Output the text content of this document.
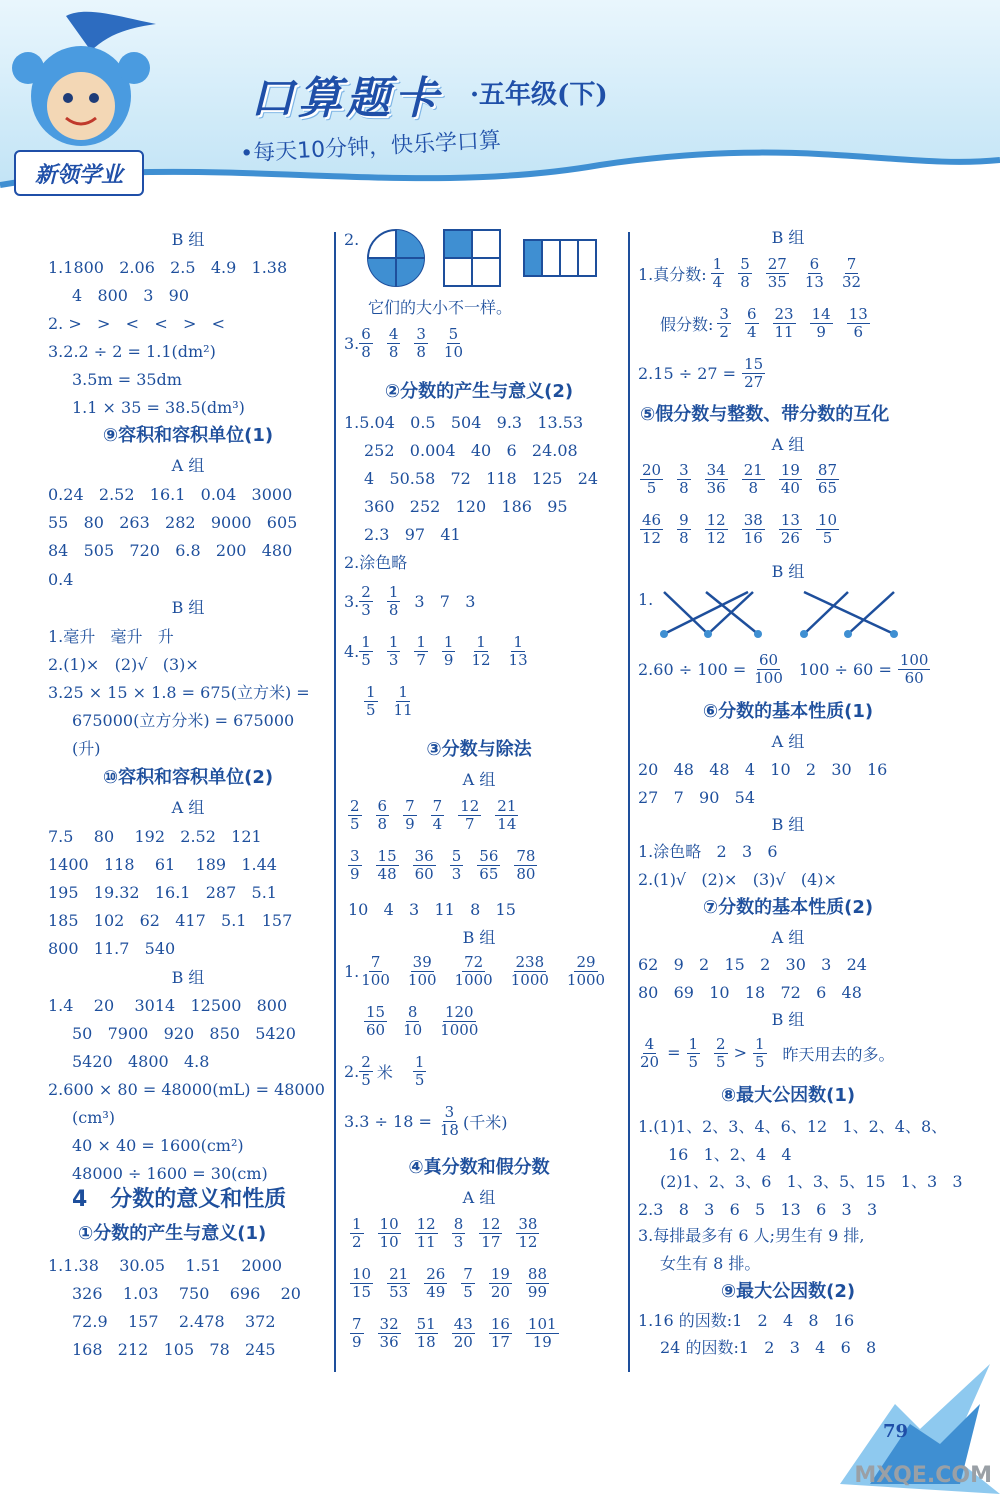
新领学业
口算题卡 ·五年级(下)
•每天10分钟，快乐学口算
B 组
1.1800   2.06   2.5   4.9   1.38
4   800   3   90
2. >   >   <   <   >   <
3.2.2 ÷ 2 = 1.1(dm²)
3.5m = 35dm
1.1 × 35 = 38.5(dm³)
⑨容积和容积单位(1)
A 组
0.24   2.52   16.1   0.04   3000
55   80   263   282   9000   605
84   505   720   6.8   200   480
0.4
B 组
1.毫升   毫升   升
2.(1)×   (2)√   (3)×
3.25 × 15 × 1.8 = 675(立方米) =
675000(立方分米) = 675000
(升)
⑩容积和容积单位(2)
A 组
7.5    80    192   2.52   121
1400   118    61    189   1.44
195   19.32   16.1   287   5.1
185   102   62   417   5.1   157
800   11.7   540
B 组
1.4    20    3014   12500   800
50   7900   920   850   5420
5420   4800   4.8
2.600 × 80 = 48000(mL) = 48000
(cm³)
40 × 40 = 1600(cm²)
48000 ÷ 1600 = 30(cm)
4   分数的意义和性质
①分数的产生与意义(1)
1.1.38    30.05    1.51    2000
326    1.03    750    696    20
72.9    157    2.478    372
168   212   105   78   245
2.
它们的大小不一样。
3. $\frac{6}{8} \frac{4}{8} \frac{3}{8} \frac{5}{10}$
②分数的产生与意义(2)
1.5.04   0.5   504   9.3   13.53
252   0.004   40   6   24.08
4   50.58   72   118   125   24
360   252   120   186   95
2.3   97   41
2.涂色略
3. $\frac{2}{3} \frac{1}{8} 3$   7   3
4. $\frac{1}{5} \frac{1}{3} \frac{1}{7} \frac{1}{9} \frac{1}{12} \frac{1}{13}$
$\frac{1}{5} \frac{1}{11}$
③分数与除法
A 组
$\frac{2}{5} \frac{6}{8} \frac{7}{9} \frac{7}{4} \frac{12}{7} \frac{21}{14}$
$\frac{3}{9} \frac{15}{48} \frac{36}{60} \frac{5}{3} \frac{56}{65} \frac{78}{80}$
10   4   3   11   8   15
B 组
1. $\frac{7}{100} \frac{39}{100} \frac{72}{1000} \frac{238}{1000} \frac{29}{1000}$
$\frac{15}{60} \frac{8}{10} \frac{120}{1000}$
2. $\frac{2}{5}$ 米 $\frac{1}{5}$
$3.3 \div 18 = \frac{3}{18}$ (千米)
④真分数和假分数
A 组
$\frac{1}{2} \frac{10}{10} \frac{12}{11} \frac{8}{3} \frac{12}{17} \frac{38}{12}$
$\frac{10}{15} \frac{21}{53} \frac{26}{49} \frac{7}{5} \frac{19}{20} \frac{88}{99}$
$\frac{7}{9} \frac{32}{36} \frac{51}{18} \frac{43}{20} \frac{16}{17} \frac{101}{19}$
B 组
1.真分数: $\frac{1}{4} \frac{5}{8} \frac{27}{35} \frac{6}{13} \frac{7}{32}$
假分数: $\frac{3}{2} \frac{6}{4} \frac{23}{11} \frac{14}{9} \frac{13}{6}$
$2.15 \div 27 = \frac{15}{27}$
⑤假分数与整数、带分数的互化
A 组
$\frac{20}{5} \frac{3}{8} \frac{34}{36} \frac{21}{8} \frac{19}{40} \frac{87}{65}$
$\frac{46}{12} \frac{9}{8} \frac{12}{12} \frac{38}{16} \frac{13}{26} \frac{10}{5}$
B 组
1.
$2.60 \div 100 = \frac{60}{100} 100 \div 60 = \frac{100}{60}$
⑥分数的基本性质(1)
A 组
20   48   48   4   10   2   30   16
27   7   90   54
B 组
1.涂色略   2   3   6
2.(1)√   (2)×   (3)√   (4)×
⑦分数的基本性质(2)
A 组
62   9   2   15   2   30   3   24
80   69   10   18   72   6   48
B 组
$\frac{4}{20} = \frac{1}{5} \frac{2}{5} > \frac{1}{5}$ 昨天用去的多。
⑧最大公因数(1)
1.(1)1、2、3、4、6、12   1、2、4、8、
16   1、2、4   4
(2)1、2、3、6   1、3、5、15   1、3   3
2.3   8   3   6   5   13   6   3   3
3.每排最多有 6 人;男生有 9 排,
女生有 8 排。
⑨最大公因数(2)
1.16 的因数:1   2   4   8   16
24 的因数:1   2   3   4   6   8
79
MXQE.COM
